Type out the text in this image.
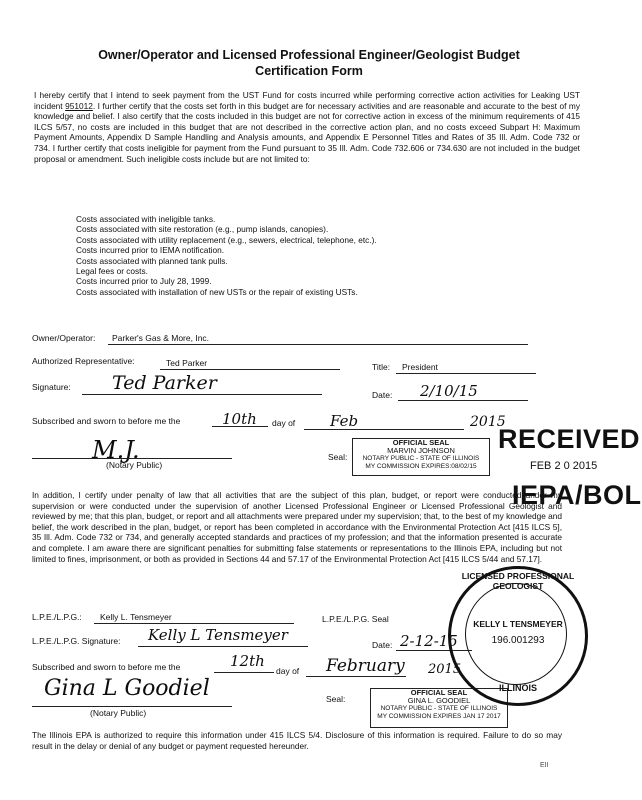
Owner/Operator and Licensed Professional Engineer/Geologist Budget
Certification Form
I hereby certify that I intend to seek payment from the UST Fund for costs incurred while performing corrective action activities for Leaking UST incident 951012. I further certify that the costs set forth in this budget are for necessary activities and are reasonable and accurate to the best of my knowledge and belief. I also certify that the costs included in this budget are not for corrective action in excess of the minimum requirements of 415 ILCS 5/57, no costs are included in this budget that are not described in the corrective action plan, and no costs exceed Subpart H: Maximum Payment Amounts, Appendix D Sample Handling and Analysis amounts, and Appendix E Personnel Titles and Rates of 35 Ill. Adm. Code 732 or 734. I further certify that costs ineligible for payment from the Fund pursuant to 35 Ill. Adm. Code 732.606 or 734.630 are not included in the budget proposal or amendment. Such ineligible costs include but are not limited to:
Costs associated with ineligible tanks.
Costs associated with site restoration (e.g., pump islands, canopies).
Costs associated with utility replacement (e.g., sewers, electrical, telephone, etc.).
Costs incurred prior to IEMA notification.
Costs associated with planned tank pulls.
Legal fees or costs.
Costs incurred prior to July 28, 1999.
Costs associated with installation of new USTs or the repair of existing USTs.
Owner/Operator: Parker's Gas & More, Inc.
Authorized Representative:	Ted Parker	Title: President
Signature: Ted Parker
Date: 2/10/15
Subscribed and sworn to before me the	10th day of Feb	2015
M.J.
(Notary Public)
Seal:
OFFICIAL SEAL
MARVIN JOHNSON
NOTARY PUBLIC - STATE OF ILLINOIS
MY COMMISSION EXPIRES:08/02/15
RECEIVED
FEB 2 0 2015
IEPA/BOL
In addition, I certify under penalty of law that all activities that are the subject of this plan, budget, or report were conducted under my supervision or were conducted under the supervision of another Licensed Professional Engineer or Licensed Professional Geologist and reviewed by me; that this plan, budget, or report and all attachments were prepared under my supervision; that, to the best of my knowledge and belief, the work described in the plan, budget, or report has been completed in accordance with the Environmental Protection Act [415 ILCS 5], 35 Ill. Adm. Code 732 or 734, and generally accepted standards and practices of my profession; and that the information presented is accurate and complete. I am aware there are significant penalties for submitting false statements or representations to the Illinois EPA, including but not limited to fines, imprisonment, or both as provided in Sections 44 and 57.17 of the Environmental Protection Act [415 ILCS 5/44 and 57.17].
L.P.E./L.P.G.: Kelly L. Tensmeyer	L.P.E./L.P.G. Seal
L.P.E./L.P.G. Signature: Kelly L Tensmeyer
Date: 2-12-15
Subscribed and sworn to before me the	12th
day of February 2015
Gina L Goodiel
(Notary Public)
Seal:
OFFICIAL SEAL
GINA L. GOODIEL
NOTARY PUBLIC - STATE OF ILLINOIS
MY COMMISSION EXPIRES JAN 17 2017
LICENSED PROFESSIONAL GEOLOGIST
KELLY L TENSMEYER
196.001293
ILLINOIS
The Illinois EPA is authorized to require this information under 415 ILCS 5/4. Disclosure of this information is required. Failure to do so may result in the delay or denial of any budget or payment requested hereunder.
EII
